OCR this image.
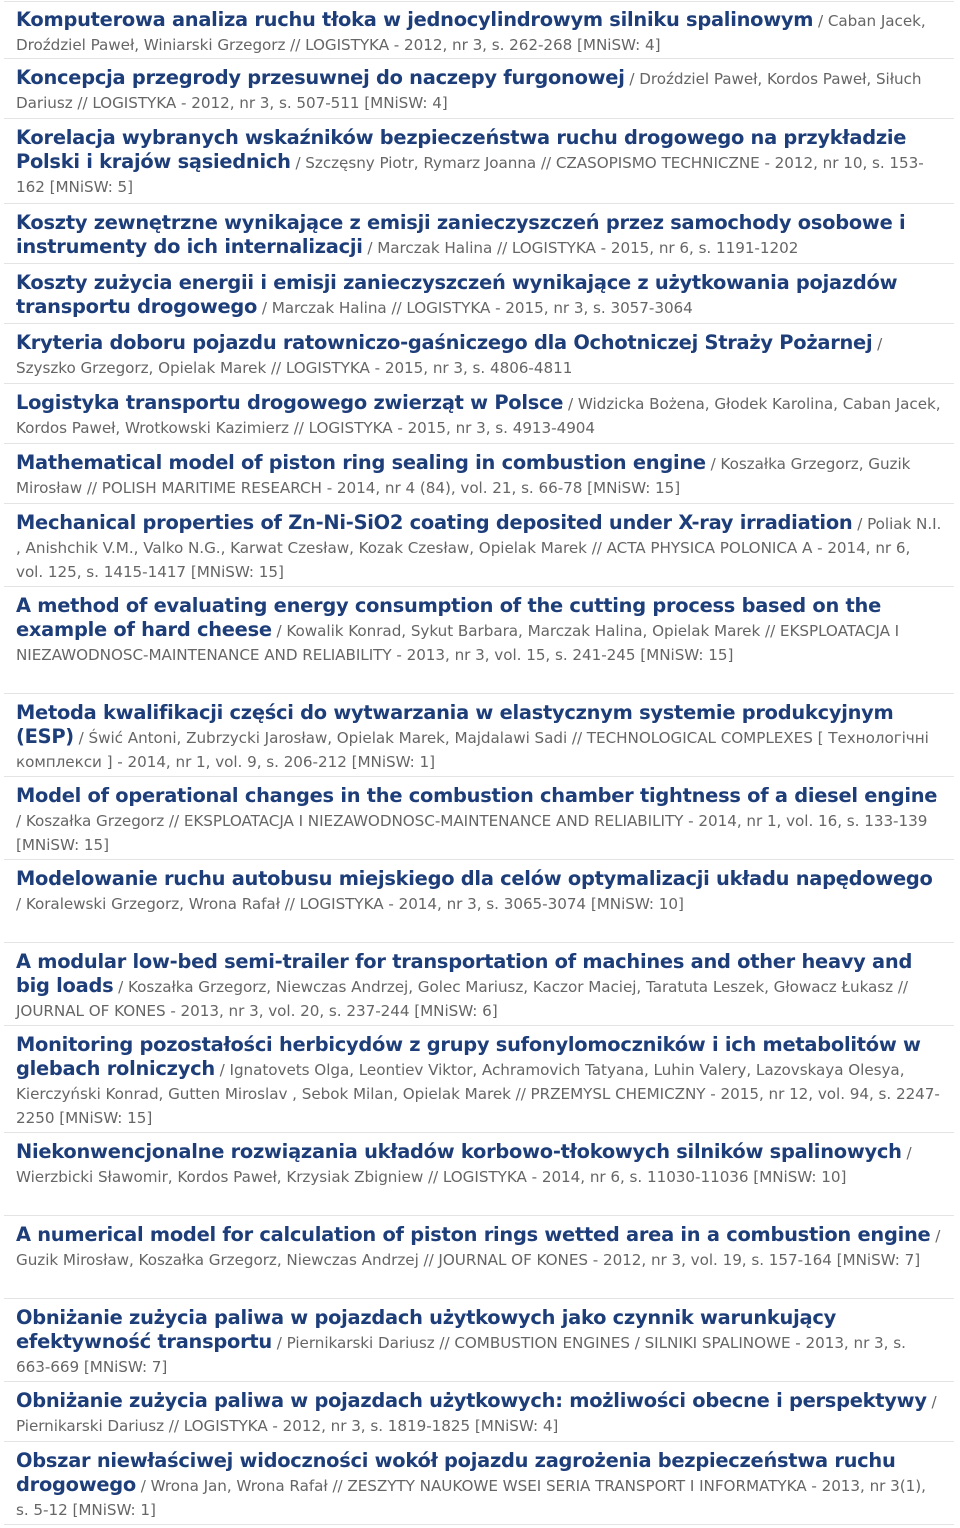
Komputerowa analiza ruchu tłoka w jednocylindrowym silniku spalinowym / Caban Jacek, Droździel Paweł, Winiarski Grzegorz // LOGISTYKA - 2012, nr 3, s. 262-268 [MNiSW: 4]
Koncepcja przegrody przesuwnej do naczepy furgonowej / Droździel Paweł, Kordos Paweł, Siłuch Dariusz // LOGISTYKA - 2012, nr 3, s. 507-511 [MNiSW: 4]
Korelacja wybranych wskaźników bezpieczeństwa ruchu drogowego na przykładzie Polski i krajów sąsiednich / Szczęsny Piotr, Rymarz Joanna // CZASOPISMO TECHNICZNE - 2012, nr 10, s. 153-162 [MNiSW: 5]
Koszty zewnętrzne wynikające z emisji zanieczyszczeń przez samochody osobowe i instrumenty do ich internalizacji / Marczak Halina // LOGISTYKA - 2015, nr 6, s. 1191-1202
Koszty zużycia energii i emisji zanieczyszczeń wynikające z użytkowania pojazdów transportu drogowego / Marczak Halina // LOGISTYKA - 2015, nr 3, s. 3057-3064
Kryteria doboru pojazdu ratowniczo-gaśniczego dla Ochotniczej Straży Pożarnej / Szyszko Grzegorz, Opielak Marek // LOGISTYKA - 2015, nr 3, s. 4806-4811
Logistyka transportu drogowego zwierząt w Polsce / Widzicka Bożena, Głodek Karolina, Caban Jacek, Kordos Paweł, Wrotkowski Kazimierz // LOGISTYKA - 2015, nr 3, s. 4913-4904
Mathematical model of piston ring sealing in combustion engine / Koszałka Grzegorz, Guzik Mirosław // POLISH MARITIME RESEARCH - 2014, nr 4 (84), vol. 21, s. 66-78 [MNiSW: 15]
Mechanical properties of Zn-Ni-SiO2 coating deposited under X-ray irradiation / Poliak N.I. , Anishchik V.M., Valko N.G., Karwat Czesław, Kozak Czesław, Opielak Marek // ACTA PHYSICA POLONICA A - 2014, nr 6, vol. 125, s. 1415-1417 [MNiSW: 15]
A method of evaluating energy consumption of the cutting process based on the example of hard cheese / Kowalik Konrad, Sykut Barbara, Marczak Halina, Opielak Marek // EKSPLOATACJA I NIEZAWODNOSC-MAINTENANCE AND RELIABILITY - 2013, nr 3, vol. 15, s. 241-245 [MNiSW: 15]
Metoda kwalifikacji części do wytwarzania w elastycznym systemie produkcyjnym (ESP) / Świć Antoni, Zubrzycki Jarosław, Opielak Marek, Majdalawi Sadi // TECHNOLOGICAL COMPLEXES [ Технологічні комплекси ] - 2014, nr 1, vol. 9, s. 206-212 [MNiSW: 1]
Model of operational changes in the combustion chamber tightness of a diesel engine / Koszałka Grzegorz // EKSPLOATACJA I NIEZAWODNOSC-MAINTENANCE AND RELIABILITY - 2014, nr 1, vol. 16, s. 133-139 [MNiSW: 15]
Modelowanie ruchu autobusu miejskiego dla celów optymalizacji układu napędowego / Koralewski Grzegorz, Wrona Rafał // LOGISTYKA - 2014, nr 3, s. 3065-3074 [MNiSW: 10]
A modular low-bed semi-trailer for transportation of machines and other heavy and big loads / Koszałka Grzegorz, Niewczas Andrzej, Golec Mariusz, Kaczor Maciej, Taratuta Leszek, Głowacz Łukasz // JOURNAL OF KONES - 2013, nr 3, vol. 20, s. 237-244 [MNiSW: 6]
Monitoring pozostałości herbicydów z grupy sufonylomoczników i ich metabolitów w glebach rolniczych / Ignatovets Olga, Leontiev Viktor, Achramovich Tatyana, Luhin Valery, Lazovskaya Olesya, Kierczyński Konrad, Gutten Miroslav , Sebok Milan, Opielak Marek // PRZEMYSL CHEMICZNY - 2015, nr 12, vol. 94, s. 2247-2250 [MNiSW: 15]
Niekonwencjonalne rozwiązania układów korbowo-tłokowych silników spalinowych / Wierzbicki Sławomir, Kordos Paweł, Krzysiak Zbigniew // LOGISTYKA - 2014, nr 6, s. 11030-11036 [MNiSW: 10]
A numerical model for calculation of piston rings wetted area in a combustion engine / Guzik Mirosław, Koszałka Grzegorz, Niewczas Andrzej // JOURNAL OF KONES - 2012, nr 3, vol. 19, s. 157-164 [MNiSW: 7]
Obniżanie zużycia paliwa w pojazdach użytkowych jako czynnik warunkujący efektywność transportu / Piernikarski Dariusz // COMBUSTION ENGINES / SILNIKI SPALINOWE - 2013, nr 3, s. 663-669 [MNiSW: 7]
Obniżanie zużycia paliwa w pojazdach użytkowych: możliwości obecne i perspektywy / Piernikarski Dariusz // LOGISTYKA - 2012, nr 3, s. 1819-1825 [MNiSW: 4]
Obszar niewłaściwej widoczności wokół pojazdu zagrożenia bezpieczeństwa ruchu drogowego / Wrona Jan, Wrona Rafał // ZESZYTY NAUKOWE WSEI SERIA TRANSPORT I INFORMATYKA - 2013, nr 3(1), s. 5-12 [MNiSW: 1]
